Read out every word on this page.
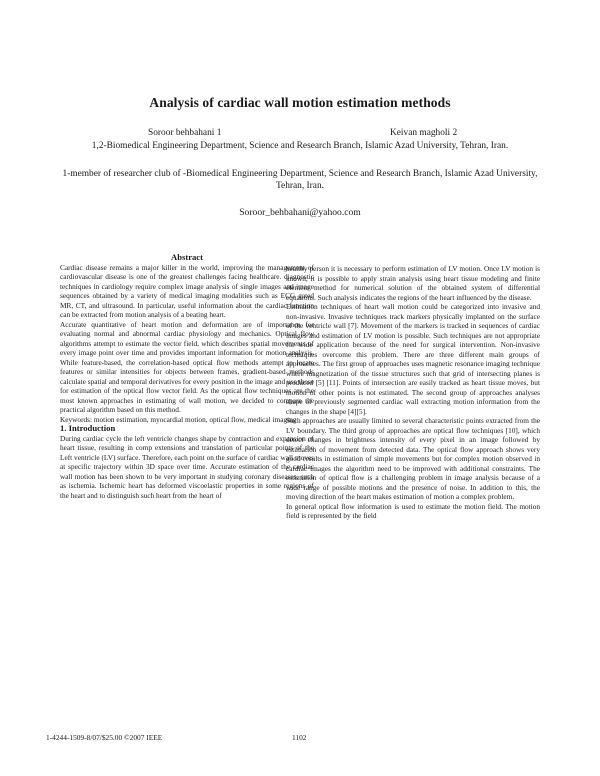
Analysis of cardiac wall motion estimation methods
Soroor behbahani 1	Keivan magholi 2
1,2-Biomedical Engineering Department, Science and Research Branch, Islamic Azad University, Tehran, Iran.
1-member of researcher club of -Biomedical Engineering Department, Science and Research Branch, Islamic Azad University, Tehran, Iran.
Soroor_behbahani@yahoo.com

Abstract

Cardiac disease remains a major killer in the world, improving the management of cardiovascular disease is one of the greatest challenges facing healthcare. diagnostic techniques in cardiology require complex image analysis of single images and image sequences obtained by a variety of medical imaging modalities such as ECG gated MR, CT, and ultrasound. In particular, useful information about the cardiac function can be extracted from motion analysis of a beating heart.

Accurate quantitative of heart motion and deformation are of importance for evaluating normal and abnormal cardiac physiology and mechanics. Optical flow algorithms attempt to estimate the vector field, which describes spatial movements of every image point over time and provides important information for motion analysis. While feature-based, the correlation-based optical flow methods attempt to locate features or similar intensities for objects between frames, gradient-based methods calculate spatial and temporal derivatives for every position in the image and use those for estimation of the optical flow vector field. As the optical flow techniques are the most known approaches in estimating of wall motion, we decided to compare the practical algorithm based on this method.

Keywords: motion estimation, myocardial motion, optical flow, medical imaging

1. Introduction

During cardiac cycle the left ventricle changes shape by contraction and expansion of heart tissue, resulting in comp extensions and translation of particular points of the Left ventricle (LV) surface. Therefore, each point on the surface of cardiac wall moves at specific trajectory within 3D space over time. Accurate estimation of the cardiac wall motion has been shown to be very important in studying coronary diseases, such as ischemia. Ischemic heart has deformed viscoelastic properties in some regions of the heart and to distinguish such heart from the heart of

healthy person it is necessary to perform estimation of LV motion. Once LV motion is known, it is possible to apply strain analysis using heart tissue modeling and finite element method for numerical solution of the obtained system of differential equations. Such analysis indicates the regions of the heart influenced by the disease.

Estimation techniques of heart wall motion could be categorized into invasive and non-invasive. Invasive techniques track markers physically implanted on the surface of the ventricle wall [7]. Movement of the markers is tracked in sequences of cardiac images and estimation of LV motion is possible. Such techniques are not appropriate for wide application because of the need for surgical intervention. Non-invasive techniques overcome this problem. There are three different main groups of approaches. The first group of approaches uses magnetic resonance imaging technique where magnetization of the tissue structures such that grid of intersecting planes is produced [5] [11]. Points of intersection are easily tracked as heart tissue moves, but motion of other points is not estimated. The second group of approaches analyses shape of previously segmented cardiac wall extracting motion information from the changes in the shape [4][5].

Such approaches are usually limited to several characteristic points extracted from the LV boundary. The third group of approaches are optical flow techniques [10], which detect changes in brightness intensity of every pixel in an image followed by estimation of movement from detected data. The optical flow approach shows very good results in estimation of simple movements but for complex motion observed in cardiac images the algorithm need to be improved with additional constraints. The estimation of optical flow is a challenging problem in image analysis because of a wide range of possible motions and the presence of noise. In addition to this, the moving direction of the heart makes estimation of motion a complex problem.

In general optical flow information is used to estimate the motion field. The motion field is represented by the field

1-4244-1509-8/07/$25.00 ©2007 IEEE	1102
